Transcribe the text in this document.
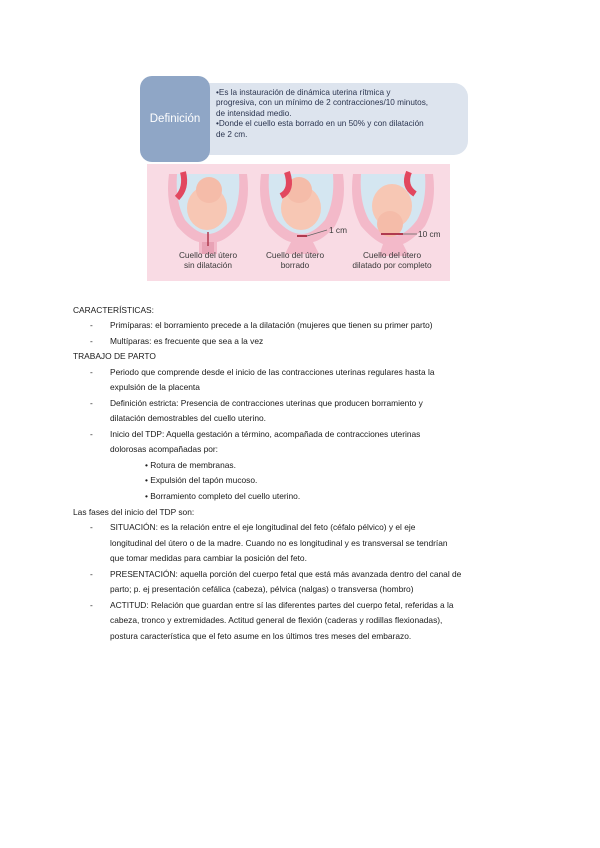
•Es la instauración de dinámica uterina rítmica y
progresiva, con un mínimo de 2 contracciones/10 minutos,
de intensidad medio.
•Donde el cuello esta borrado en un 50% y con dilatación
de 2 cm.
Definición
1 cm	10 cm
Cuello del útero
sin dilatación
Cuello del útero
borrado
Cuello del útero
dilatado por completo
CARACTERÍSTICAS:
- Primíparas: el borramiento precede a la dilatación (mujeres que tienen su primer parto)
- Multíparas: es frecuente que sea a la vez
TRABAJO DE PARTO
- Periodo que comprende desde el inicio de las contracciones uterinas regulares hasta la
expulsión de la placenta
- Definición estricta: Presencia de contracciones uterinas que producen borramiento y
dilatación demostrables del cuello uterino.
- Inicio del TDP: Aquella gestación a término, acompañada de contracciones uterinas
dolorosas acompañadas por:
• Rotura de membranas.
• Expulsión del tapón mucoso.
• Borramiento completo del cuello uterino.
Las fases del inicio del TDP son:
- SITUACIÓN: es la relación entre el eje longitudinal del feto (céfalo pélvico) y el eje
longitudinal del útero o de la madre. Cuando no es longitudinal y es transversal se tendrían
que tomar medidas para cambiar la posición del feto.
- PRESENTACIÓN: aquella porción del cuerpo fetal que está más avanzada dentro del canal de
parto; p. ej presentación cefálica (cabeza), pélvica (nalgas) o transversa (hombro)
- ACTITUD: Relación que guardan entre sí las diferentes partes del cuerpo fetal, referidas a la
cabeza, tronco y extremidades. Actitud general de flexión (caderas y rodillas flexionadas),
postura característica que el feto asume en los últimos tres meses del embarazo.
